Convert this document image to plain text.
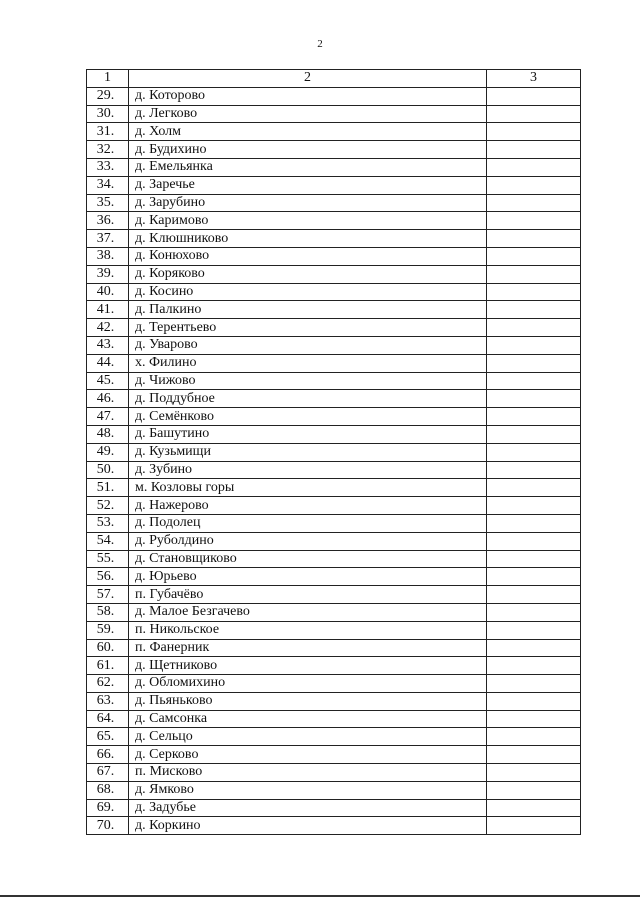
2
1	2	3
29.	д. Которово	
30.	д. Легково	
31.	д. Холм	
32.	д. Будихино	
33.	д. Емельянка	
34.	д. Заречье	
35.	д. Зарубино	
36.	д. Каримово	
37.	д. Клюшниково	
38.	д. Конюхово	
39.	д. Коряково	
40.	д. Косино	
41.	д. Палкино	
42.	д. Терентьево	
43.	д. Уварово	
44.	х. Филино	
45.	д. Чижово	
46.	д. Поддубное	
47.	д. Семёнково	
48.	д. Башутино	
49.	д. Кузьмищи	
50.	д. Зубино	
51.	м. Козловы горы	
52.	д. Нажерово	
53.	д. Подолец	
54.	д. Руболдино	
55.	д. Становщиково	
56.	д. Юрьево	
57.	п. Губачёво	
58.	д. Малое Безгачево	
59.	п. Никольское	
60.	п. Фанерник	
61.	д. Щетниково	
62.	д. Обломихино	
63.	д. Пьяньково	
64.	д. Самсонка	
65.	д. Сельцо	
66.	д. Серково	
67.	п. Мисково	
68.	д. Ямково	
69.	д. Задубье	
70.	д. Коркино	
